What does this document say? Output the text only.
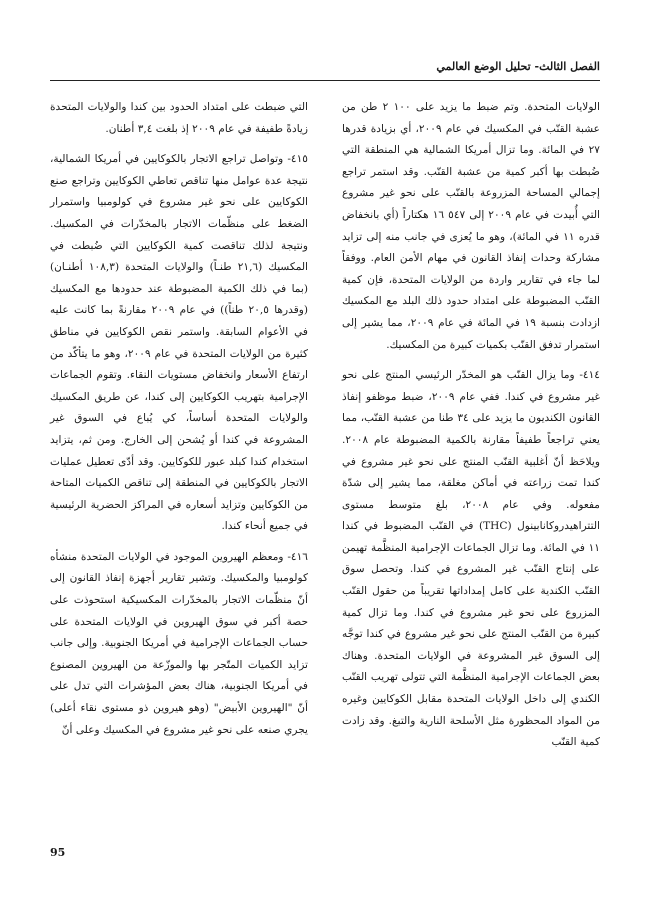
الفصل الثالث- تحليل الوضع العالمي

الولايات المتحدة. وتم ضبط ما يزيد على ١٠٠ ٢ طن من عشبة القنّب في المكسيك في عام ٢٠٠٩، أي بزيادة قدرها ٢٧ في المائة. وما تزال أمريكا الشمالية هي المنطقة التي ضُبطت بها أكبر كمية من عشبة القنّب. وقد استمر تراجع إجمالي المساحة المزروعة بالقنّب على نحو غير مشروع التي أُبيدت في عام ٢٠٠٩ إلى ٥٤٧ ١٦ هكتاراً (أي بانخفاض قدره ١١ في المائة)، وهو ما يُعزى في جانب منه إلى تزايد مشاركة وحدات إنفاذ القانون في مهام الأمن العام. ووفقاً لما جاء في تقارير واردة من الولايات المتحدة، فإن كمية القنّب المضبوطة على امتداد حدود ذلك البلد مع المكسيك ازدادت بنسبة ١٩ في المائة في عام ٢٠٠٩، مما يشير إلى استمرار تدفق القنّب بكميات كبيرة من المكسيك.

٤١٤- وما يزال القنّب هو المخدّر الرئيسي المنتج على نحو غير مشروع في كندا. ففي عام ٢٠٠٩، ضبط موظفو إنفاذ القانون الكنديون ما يزيد على ٣٤ طنا من عشبة القنّب، مما يعني تراجعاً طفيفاً مقارنة بالكمية المضبوطة عام ٢٠٠٨. ويلاحَظ أنّ أغلبية القنّب المنتج على نحو غير مشروع في كندا تمت زراعته في أماكن مغلقة، مما يشير إلى شدّة مفعوله. وفي عام ٢٠٠٨، بلغ متوسط مستوى التتراهيدروكانابينول (THC) في القنّب المضبوط في كندا ١١ في المائة. وما تزال الجماعات الإجرامية المنظَّمة تهيمن على إنتاج القنّب غير المشروع في كندا. وتحصل سوق القنّب الكندية على كامل إمداداتها تقريباً من حقول القنّب المزروع على نحو غير مشروع في كندا. وما تزال كمية كبيرة من القنّب المنتج على نحو غير مشروع في كندا توجَّه إلى السوق غير المشروعة في الولايات المتحدة. وهناك بعض الجماعات الإجرامية المنظَّمة التي تتولى تهريب القنّب الكندي إلى داخل الولايات المتحدة مقابل الكوكايين وغيره من المواد المحظورة مثل الأسلحة النارية والتبغ. وقد زادت كمية القنّب

التي ضبطت على امتداد الحدود بين كندا والولايات المتحدة زيادةً طفيفة في عام ٢٠٠٩ إذ بلغت ٣,٤ أطنان.

٤١٥- وتواصل تراجع الاتجار بالكوكايين في أمريكا الشمالية، نتيجة عدة عوامل منها تناقص تعاطي الكوكايين وتراجع صنع الكوكايين على نحو غير مشروع في كولومبيا واستمرار الضغط على منظّمات الاتجار بالمخدّرات في المكسيك. ونتيجة لذلك تناقصت كمية الكوكايين التي ضُبطت في المكسيك (٢١,٦ طنـاً) والولايات المتحدة (١٠٨,٣ أطنـان) (بما في ذلك الكمية المضبوطة عند حدودها مع المكسيك (وقدرها ٢٠,٥ طناً)) في عام ٢٠٠٩ مقارنةً بما كانت عليه في الأعوام السابقة. واستمر نقص الكوكايين في مناطق كثيرة من الولايات المتحدة في عام ٢٠٠٩، وهو ما يتأكّد من ارتفاع الأسعار وانخفاض مستويات النقاء. وتقوم الجماعات الإجرامية بتهريب الكوكايين إلى كندا، عن طريق المكسيك والولايات المتحدة أساساً، كي يُباع في السوق غير المشروعة في كندا أو يُشحن إلى الخارج. ومن ثم، يتزايد استخدام كندا كبلد عبور للكوكايين. وقد أدّى تعطيل عمليات الاتجار بالكوكايين في المنطقة إلى تناقص الكميات المتاحة من الكوكايين وتزايد أسعاره في المراكز الحضرية الرئيسية في جميع أنحاء كندا.

٤١٦- ومعظم الهيروين الموجود في الولايات المتحدة منشأه كولومبيا والمكسيك. وتشير تقارير أجهزة إنفاذ القانون إلى أنّ منظّمات الاتجار بالمخدّرات المكسيكية استحوذت على حصة أكبر في سوق الهيروين في الولايات المتحدة على حساب الجماعات الإجرامية في أمريكا الجنوبية. وإلى جانب تزايد الكميات المتّجر بها والموزّعة من الهيروين المصنوع في أمريكا الجنوبية، هناك بعض المؤشرات التي تدل على أنّ "الهيروين الأبيض" (وهو هيروين ذو مستوى نقاء أعلى) يجري صنعه على نحو غير مشروع في المكسيك وعلى أنّ

95
